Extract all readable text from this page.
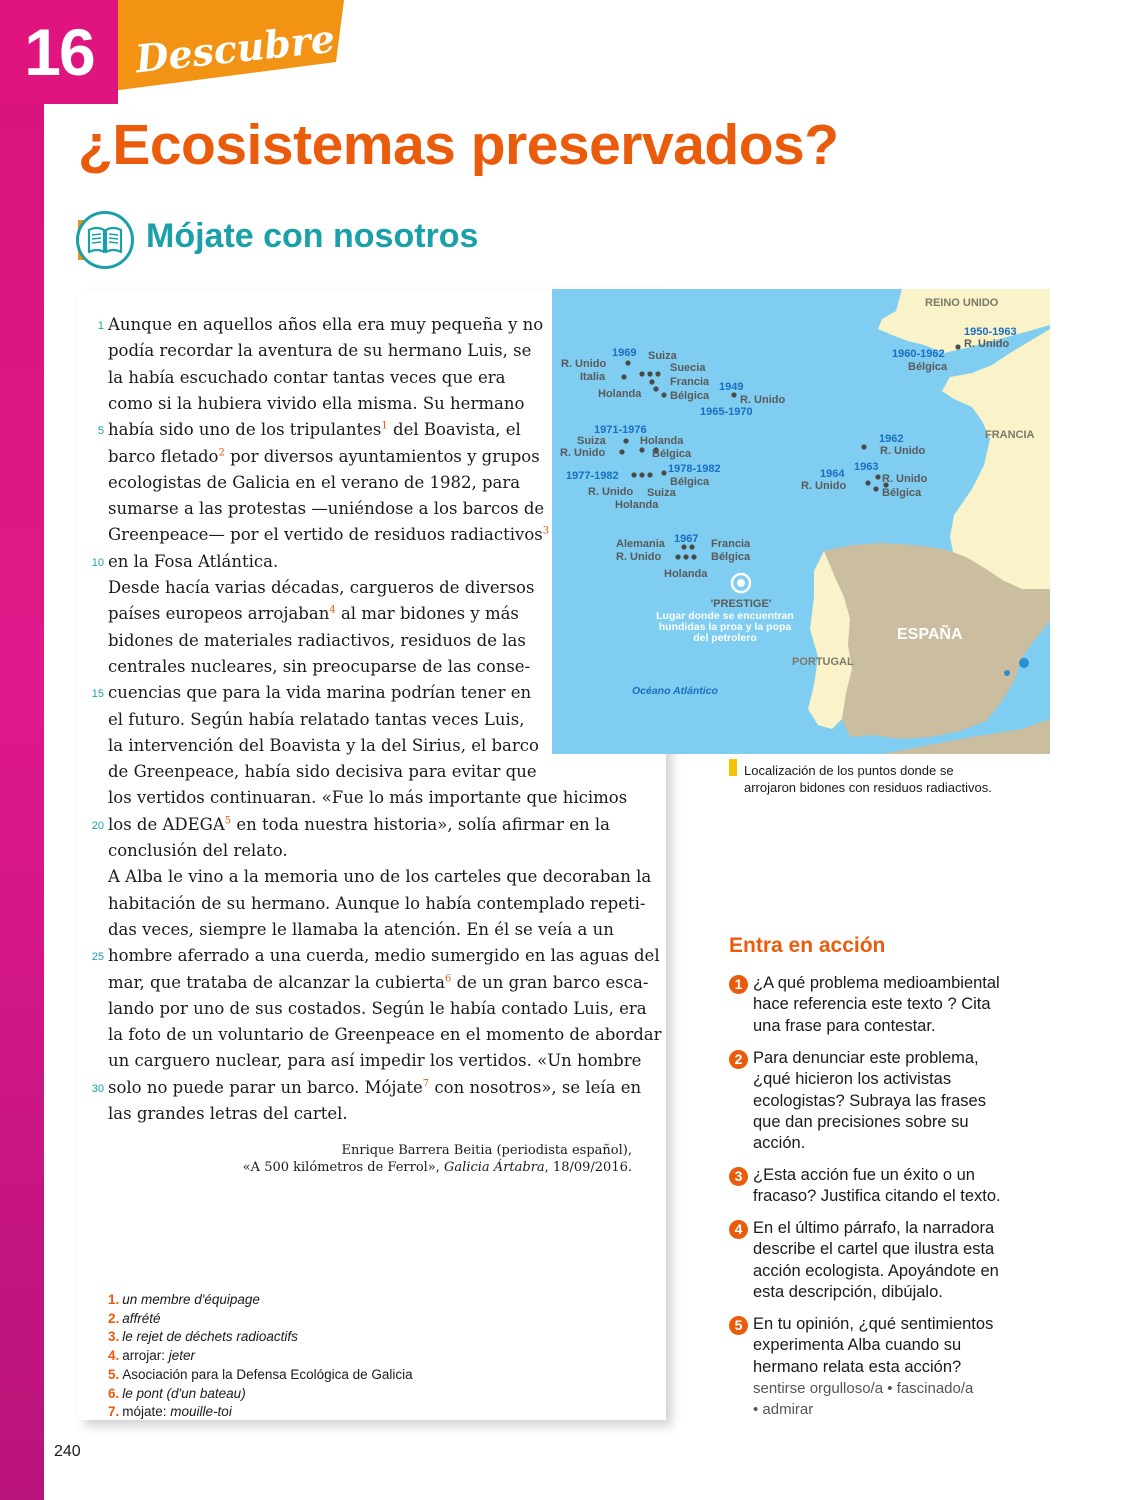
16	Descubre
¿Ecosistemas preservados?
Mójate con nosotros
1 Aunque en aquellos años ella era muy pequeña y no
podía recordar la aventura de su hermano Luis, se
la había escuchado contar tantas veces que era
como si la hubiera vivido ella misma. Su hermano
5 había sido uno de los tripulantes$^1$ del Boavista, el
barco fletado$^2$ por diversos ayuntamientos y grupos
ecologistas de Galicia en el verano de 1982, para
sumarse a las protestas —uniéndose a los barcos de
Greenpeace— por el vertido de residuos radiactivos$^3$
10 en la Fosa Atlántica.
Desde hacía varias décadas, cargueros de diversos
países europeos arrojaban$^4$ al mar bidones y más
bidones de materiales radiactivos, residuos de las
centrales nucleares, sin preocuparse de las conse-
15 cuencias que para la vida marina podrían tener en
el futuro. Según había relatado tantas veces Luis,
la intervención del Boavista y la del Sirius, el barco
de Greenpeace, había sido decisiva para evitar que
los vertidos continuaran. «Fue lo más importante que hicimos
20 los de ADEGA$^5$ en toda nuestra historia», solía afirmar en la
conclusión del relato.
A Alba le vino a la memoria uno de los carteles que decoraban la
habitación de su hermano. Aunque lo había contemplado repeti-
das veces, siempre le llamaba la atención. En él se veía a un
25 hombre aferrado a una cuerda, medio sumergido en las aguas del
mar, que trataba de alcanzar la cubierta$^6$ de un gran barco esca-
lando por uno de sus costados. Según le había contado Luis, era
la foto de un voluntario de Greenpeace en el momento de abordar
un carguero nuclear, para así impedir los vertidos. «Un hombre
30 solo no puede parar un barco. Mójate$^7$ con nosotros», se leía en
las grandes letras del cartel.
Enrique Barrera Beitia (periodista español),
«A 500 kilómetros de Ferrol», Galicia Ártabra, 18/09/2016.
1. un membre d'équipage
2. affrété
3. le rejet de déchets radioactifs
4. arrojar: jeter
5. Asociación para la Defensa Ecológica de Galicia
6. le pont (d'un bateau)
7. mójate: mouille-toi
240
REINO UNIDO
FRANCIA
PORTUGAL
ESPAÑA
Océano Atlántico
1969
1949
1965-1970
1971-1976
1977-1982
1978-1982
1967
1950-1963
1960-1962
1962
1963
1964
R. Unido
Italia
Holanda
Suiza
Suecia
Francia
Bélgica	R. Unido
Suiza
R. Unido
Holanda
Bélgica
R. Unido Suiza
Holanda
Bélgica
Alemania
R. Unido
Holanda
Francia
Bélgica
R. Unido
Bélgica
R. Unido
R. Unido
R. Unido
Bélgica
'PRESTIGE'
Lugar donde se encuentran
hundidas la proa y la popa
del petrolero
Localización de los puntos donde se
arrojaron bidones con residuos radiactivos.
Entra en acción
1 ¿A qué problema medioambiental
hace referencia este texto ? Cita
una frase para contestar.
2 Para denunciar este problema,
¿qué hicieron los activistas
ecologistas? Subraya las frases
que dan precisiones sobre su
acción.
3 ¿Esta acción fue un éxito o un
fracaso? Justifica citando el texto.
4 En el último párrafo, la narradora
describe el cartel que ilustra esta
acción ecologista. Apoyándote en
esta descripción, dibújalo.
5 En tu opinión, ¿qué sentimientos
experimenta Alba cuando su
hermano relata esta acción?
sentirse orgulloso/a • fascinado/a
• admirar
